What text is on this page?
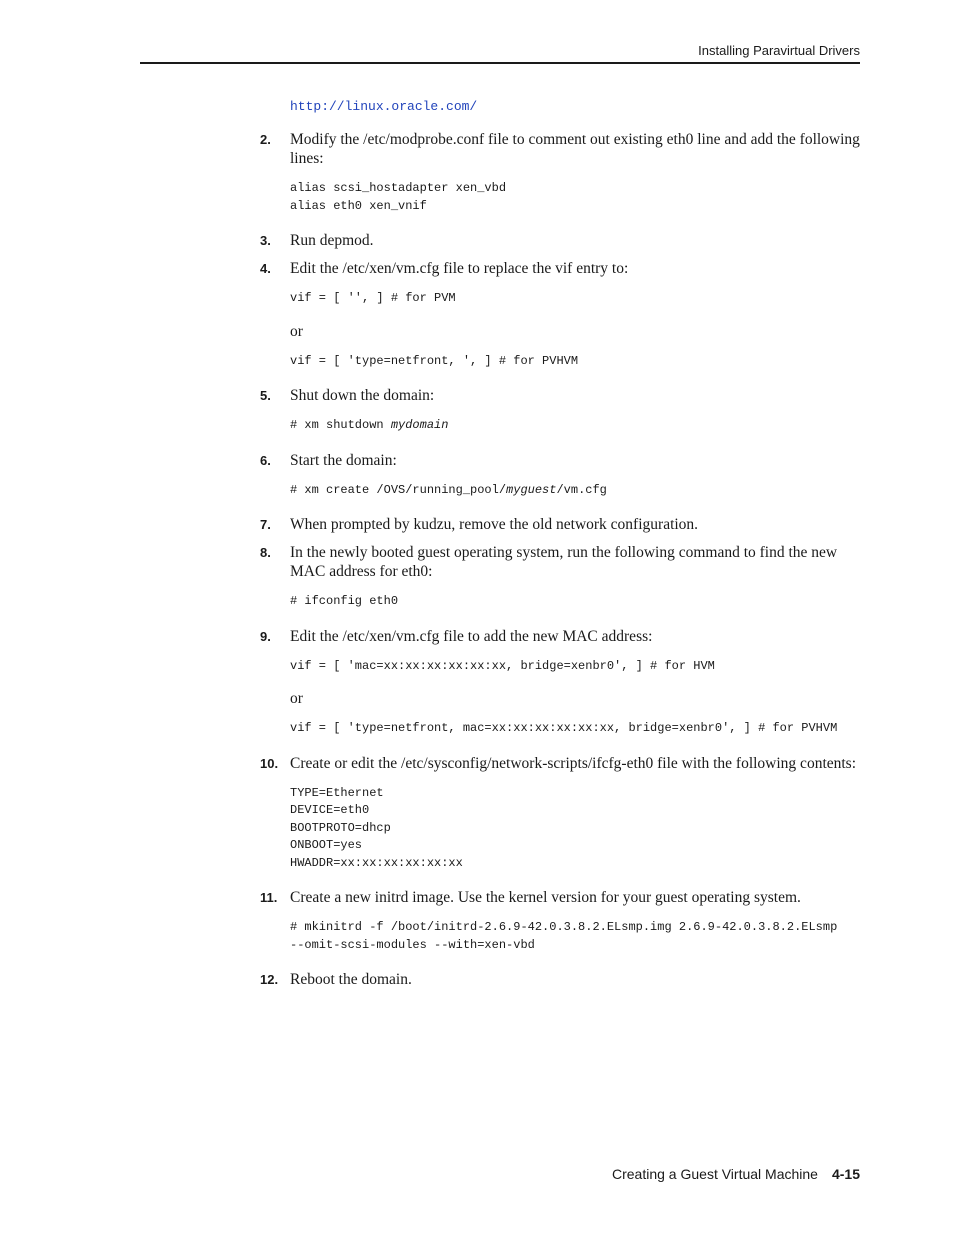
Installing Paravirtual Drivers
http://linux.oracle.com/
2. Modify the /etc/modprobe.conf file to comment out existing eth0 line and add the following lines:
alias scsi_hostadapter xen_vbd
alias eth0 xen_vnif
3. Run depmod.
4. Edit the /etc/xen/vm.cfg file to replace the vif entry to:
vif = [ '', ] # for PVM
or
vif = [ 'type=netfront, ', ] # for PVHVM
5. Shut down the domain:
# xm shutdown mydomain
6. Start the domain:
# xm create /OVS/running_pool/myguest/vm.cfg
7. When prompted by kudzu, remove the old network configuration.
8. In the newly booted guest operating system, run the following command to find the new MAC address for eth0:
# ifconfig eth0
9. Edit the /etc/xen/vm.cfg file to add the new MAC address:
vif = [ 'mac=xx:xx:xx:xx:xx:xx, bridge=xenbr0', ] # for HVM
or
vif = [ 'type=netfront, mac=xx:xx:xx:xx:xx:xx, bridge=xenbr0', ] # for PVHVM
10. Create or edit the /etc/sysconfig/network-scripts/ifcfg-eth0 file with the following contents:
TYPE=Ethernet
DEVICE=eth0
BOOTPROTO=dhcp
ONBOOT=yes
HWADDR=xx:xx:xx:xx:xx:xx
11. Create a new initrd image. Use the kernel version for your guest operating system.
# mkinitrd -f /boot/initrd-2.6.9-42.0.3.8.2.ELsmp.img 2.6.9-42.0.3.8.2.ELsmp
--omit-scsi-modules --with=xen-vbd
12. Reboot the domain.
Creating a Guest Virtual Machine 4-15
